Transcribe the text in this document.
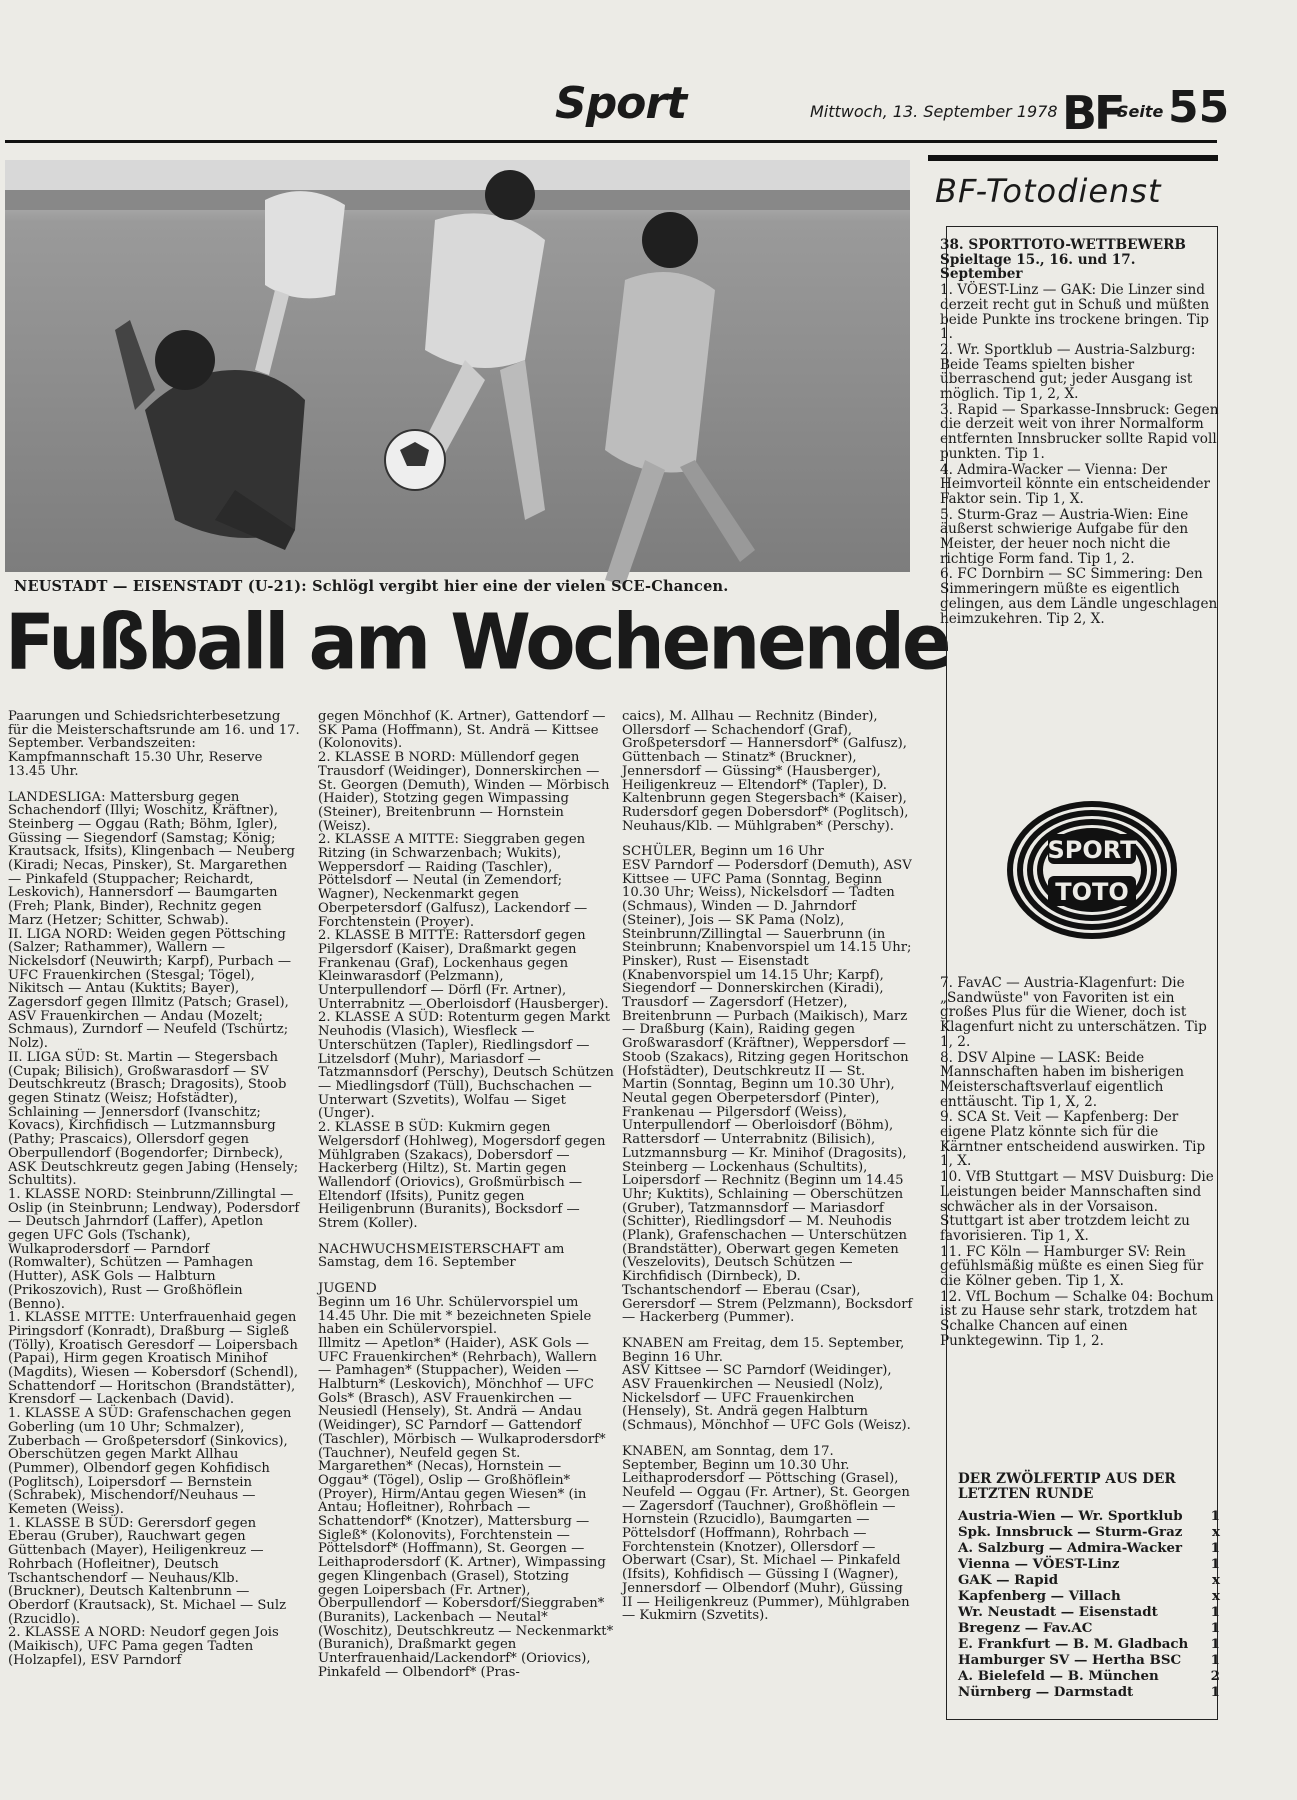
Sport	Mittwoch, 13. September 1978 BF
Seite 55
NEUSTADT — EISENSTADT (U-21): Schlögl vergibt hier eine der vielen SCE-Chancen.
Fußball am Wochenende

Paarungen und Schiedsrichterbesetzung für die Meisterschaftsrunde am 16. und 17. September. Verbandszeiten: Kampfmannschaft 15.30 Uhr, Reserve 13.45 Uhr.

LANDESLIGA: Mattersburg gegen Schachendorf (Illyi; Woschitz, Kräftner), Steinberg — Oggau (Rath; Böhm, Igler), Güssing — Siegendorf (Samstag; König; Krautsack, Ifsits), Klingenbach — Neuberg (Kiradi; Necas, Pinsker), St. Margarethen — Pinkafeld (Stuppacher; Reichardt, Leskovich), Hannersdorf — Baumgarten (Freh; Plank, Binder), Rechnitz gegen Marz (Hetzer; Schitter, Schwab).

II. LIGA NORD: Weiden gegen Pöttsching (Salzer; Rathammer), Wallern — Nickelsdorf (Neuwirth; Karpf), Purbach — UFC Frauenkirchen (Stesgal; Tögel), Nikitsch — Antau (Kuktits; Bayer), Zagersdorf gegen Illmitz (Patsch; Grasel), ASV Frauenkirchen — Andau (Mozelt; Schmaus), Zurndorf — Neufeld (Tschürtz; Nolz).

II. LIGA SÜD: St. Martin — Stegersbach (Cupak; Bilisich), Großwarasdorf — SV Deutschkreutz (Brasch; Dragosits), Stoob gegen Stinatz (Weisz; Hofstädter), Schlaining — Jennersdorf (Ivanschitz; Kovacs), Kirchfidisch — Lutzmannsburg (Pathy; Prascaics), Ollersdorf gegen Oberpullendorf (Bogendorfer; Dirnbeck), ASK Deutschkreutz gegen Jabing (Hensely; Schultits).

1. KLASSE NORD: Steinbrunn/Zillingtal — Oslip (in Steinbrunn; Lendway), Podersdorf — Deutsch Jahrndorf (Laffer), Apetlon gegen UFC Gols (Tschank), Wulkaprodersdorf — Parndorf (Romwalter), Schützen — Pamhagen (Hutter), ASK Gols — Halbturn (Prikoszovich), Rust — Großhöflein (Benno).

1. KLASSE MITTE: Unterfrauenhaid gegen Piringsdorf (Konradt), Draßburg — Sigleß (Tölly), Kroatisch Geresdorf — Loipersbach (Papai), Hirm gegen Kroatisch Minihof (Magdits), Wiesen — Kobersdorf (Schendl), Schattendorf — Horitschon (Brandstätter), Krensdorf — Lackenbach (David).

1. KLASSE A SÜD: Grafenschachen gegen Goberling (um 10 Uhr; Schmalzer), Zuberbach — Großpetersdorf (Sinkovics), Oberschützen gegen Markt Allhau (Pummer), Olbendorf gegen Kohfidisch (Poglitsch), Loipersdorf — Bernstein (Schrabek), Mischendorf/Neuhaus — Kemeten (Weiss).

1. KLASSE B SÜD: Gerersdorf gegen Eberau (Gruber), Rauchwart gegen Güttenbach (Mayer), Heiligenkreuz — Rohrbach (Hofleitner), Deutsch Tschantschendorf — Neuhaus/Klb. (Bruckner), Deutsch Kaltenbrunn — Oberdorf (Krautsack), St. Michael — Sulz (Rzucidlo).

2. KLASSE A NORD: Neudorf gegen Jois (Maikisch), UFC Pama gegen Tadten (Holzapfel), ESV Parndorf

gegen Mönchhof (K. Artner), Gattendorf — SK Pama (Hoffmann), St. Andrä — Kittsee (Kolonovits).

2. KLASSE B NORD: Müllendorf gegen Trausdorf (Weidinger), Donnerskirchen — St. Georgen (Demuth), Winden — Mörbisch (Haider), Stotzing gegen Wimpassing (Steiner), Breitenbrunn — Hornstein (Weisz).

2. KLASSE A MITTE: Sieggraben gegen Ritzing (in Schwarzenbach; Wukits), Weppersdorf — Raiding (Taschler), Pöttelsdorf — Neutal (in Zemendorf; Wagner), Neckenmarkt gegen Oberpetersdorf (Galfusz), Lackendorf — Forchtenstein (Proyer).

2. KLASSE B MITTE: Rattersdorf gegen Pilgersdorf (Kaiser), Draßmarkt gegen Frankenau (Graf), Lockenhaus gegen Kleinwarasdorf (Pelzmann), Unterpullendorf — Dörfl (Fr. Artner), Unterrabnitz — Oberloisdorf (Hausberger).

2. KLASSE A SÜD: Rotenturm gegen Markt Neuhodis (Vlasich), Wiesfleck — Unterschützen (Tapler), Riedlingsdorf — Litzelsdorf (Muhr), Mariasdorf — Tatzmannsdorf (Perschy), Deutsch Schützen — Miedlingsdorf (Tüll), Buchschachen — Unterwart (Szvetits), Wolfau — Siget (Unger).

2. KLASSE B SÜD: Kukmirn gegen Welgersdorf (Hohlweg), Mogersdorf gegen Mühlgraben (Szakacs), Dobersdorf — Hackerberg (Hiltz), St. Martin gegen Wallendorf (Oriovics), Großmürbisch — Eltendorf (Ifsits), Punitz gegen Heiligenbrunn (Buranits), Bocksdorf — Strem (Koller).

NACHWUCHSMEISTERSCHAFT am Samstag, dem 16. September

JUGEND

Beginn um 16 Uhr. Schülervorspiel um 14.45 Uhr. Die mit * bezeichneten Spiele haben ein Schülervorspiel.

Illmitz — Apetlon* (Haider), ASK Gols — UFC Frauenkirchen* (Rehrbach), Wallern — Pamhagen* (Stuppacher), Weiden — Halbturn* (Leskovich), Mönchhof — UFC Gols* (Brasch), ASV Frauenkirchen — Neusiedl (Hensely), St. Andrä — Andau (Weidinger), SC Parndorf — Gattendorf (Taschler), Mörbisch — Wulkaprodersdorf* (Tauchner), Neufeld gegen St. Margarethen* (Necas), Hornstein — Oggau* (Tögel), Oslip — Großhöflein* (Proyer), Hirm/Antau gegen Wiesen* (in Antau; Hofleitner), Rohrbach — Schattendorf* (Knotzer), Mattersburg — Sigleß* (Kolonovits), Forchtenstein — Pöttelsdorf* (Hoffmann), St. Georgen — Leithaprodersdorf (K. Artner), Wimpassing gegen Klingenbach (Grasel), Stotzing gegen Loipersbach (Fr. Artner), Oberpullendorf — Kobersdorf/Sieggraben* (Buranits), Lackenbach — Neutal* (Woschitz), Deutschkreutz — Neckenmarkt* (Buranich), Draßmarkt gegen Unterfrauenhaid/Lackendorf* (Oriovics), Pinkafeld — Olbendorf* (Pras-

caics), M. Allhau — Rechnitz (Binder), Ollersdorf — Schachendorf (Graf), Großpetersdorf — Hannersdorf* (Galfusz), Güttenbach — Stinatz* (Bruckner), Jennersdorf — Güssing* (Hausberger), Heiligenkreuz — Eltendorf* (Tapler), D. Kaltenbrunn gegen Stegersbach* (Kaiser), Rudersdorf gegen Dobersdorf* (Poglitsch), Neuhaus/Klb. — Mühlgraben* (Perschy).

SCHÜLER, Beginn um 16 Uhr

ESV Parndorf — Podersdorf (Demuth), ASV Kittsee — UFC Pama (Sonntag, Beginn 10.30 Uhr; Weiss), Nickelsdorf — Tadten (Schmaus), Winden — D. Jahrndorf (Steiner), Jois — SK Pama (Nolz), Steinbrunn/Zillingtal — Sauerbrunn (in Steinbrunn; Knabenvorspiel um 14.15 Uhr; Pinsker), Rust — Eisenstadt (Knabenvorspiel um 14.15 Uhr; Karpf), Siegendorf — Donnerskirchen (Kiradi), Trausdorf — Zagersdorf (Hetzer), Breitenbrunn — Purbach (Maikisch), Marz — Draßburg (Kain), Raiding gegen Großwarasdorf (Kräftner), Weppersdorf — Stoob (Szakacs), Ritzing gegen Horitschon (Hofstädter), Deutschkreutz II — St. Martin (Sonntag, Beginn um 10.30 Uhr), Neutal gegen Oberpetersdorf (Pinter), Frankenau — Pilgersdorf (Weiss), Unterpullendorf — Oberloisdorf (Böhm), Rattersdorf — Unterrabnitz (Bilisich), Lutzmannsburg — Kr. Minihof (Dragosits), Steinberg — Lockenhaus (Schultits), Loipersdorf — Rechnitz (Beginn um 14.45 Uhr; Kuktits), Schlaining — Oberschützen (Gruber), Tatzmannsdorf — Mariasdorf (Schitter), Riedlingsdorf — M. Neuhodis (Plank), Grafenschachen — Unterschützen (Brandstätter), Oberwart gegen Kemeten (Veszelovits), Deutsch Schützen — Kirchfidisch (Dirnbeck), D. Tschantschendorf — Eberau (Csar), Gerersdorf — Strem (Pelzmann), Bocksdorf — Hackerberg (Pummer).

KNABEN am Freitag, dem 15. September, Beginn 16 Uhr.

ASV Kittsee — SC Parndorf (Weidinger), ASV Frauenkirchen — Neusiedl (Nolz), Nickelsdorf — UFC Frauenkirchen (Hensely), St. Andrä gegen Halbturn (Schmaus), Mönchhof — UFC Gols (Weisz).

KNABEN, am Sonntag, dem 17. September, Beginn um 10.30 Uhr.

Leithaprodersdorf — Pöttsching (Grasel), Neufeld — Oggau (Fr. Artner), St. Georgen — Zagersdorf (Tauchner), Großhöflein — Hornstein (Rzucidlo), Baumgarten — Pöttelsdorf (Hoffmann), Rohrbach — Forchtenstein (Knotzer), Ollersdorf — Oberwart (Csar), St. Michael — Pinkafeld (Ifsits), Kohfidisch — Güssing I (Wagner), Jennersdorf — Olbendorf (Muhr), Güssing II — Heiligenkreuz (Pummer), Mühlgraben — Kukmirn (Szvetits).

BF-Totodienst

38. SPORTTOTO-WETTBEWERB Spieltage 15., 16. und 17. September

1. VÖEST-Linz — GAK: Die Linzer sind derzeit recht gut in Schuß und müßten beide Punkte ins trockene bringen. Tip 1.

2. Wr. Sportklub — Austria-Salzburg: Beide Teams spielten bisher überraschend gut; jeder Ausgang ist möglich. Tip 1, 2, X.

3. Rapid — Sparkasse-Innsbruck: Gegen die derzeit weit von ihrer Normalform entfernten Innsbrucker sollte Rapid voll punkten. Tip 1.

4. Admira-Wacker — Vienna: Der Heimvorteil könnte ein entscheidender Faktor sein. Tip 1, X.

5. Sturm-Graz — Austria-Wien: Eine äußerst schwierige Aufgabe für den Meister, der heuer noch nicht die richtige Form fand. Tip 1, 2.

6. FC Dornbirn — SC Simmering: Den Simmeringern müßte es eigentlich gelingen, aus dem Ländle ungeschlagen heimzukehren. Tip 2, X.

SPORT
TOTO

7. FavAC — Austria-Klagenfurt: Die „Sandwüste" von Favoriten ist ein großes Plus für die Wiener, doch ist Klagenfurt nicht zu unterschätzen. Tip 1, 2.

8. DSV Alpine — LASK: Beide Mannschaften haben im bisherigen Meisterschaftsverlauf eigentlich enttäuscht. Tip 1, X, 2.

9. SCA St. Veit — Kapfenberg: Der eigene Platz könnte sich für die Kärntner entscheidend auswirken. Tip 1, X.

10. VfB Stuttgart — MSV Duisburg: Die Leistungen beider Mannschaften sind schwächer als in der Vorsaison. Stuttgart ist aber trotzdem leicht zu favorisieren. Tip 1, X.

11. FC Köln — Hamburger SV: Rein gefühlsmäßig müßte es einen Sieg für die Kölner geben. Tip 1, X.

12. VfL Bochum — Schalke 04: Bochum ist zu Hause sehr stark, trotzdem hat Schalke Chancen auf einen Punktegewinn. Tip 1, 2.

DER ZWÖLFERTIP AUS DER LETZTEN RUNDE
Austria-Wien — Wr. Sportklub 1
Spk. Innsbruck — Sturm-Graz x
A. Salzburg — Admira-Wacker 1
Vienna — VÖEST-Linz	1
GAK — Rapid	x
Kapfenberg — Villach	x
Wr. Neustadt — Eisenstadt	1
Bregenz — Fav.AC	1
E. Frankfurt — B. M. Gladbach 1
Hamburger SV — Hertha BSC 1
A. Bielefeld — B. München	2
Nürnberg — Darmstadt	1
